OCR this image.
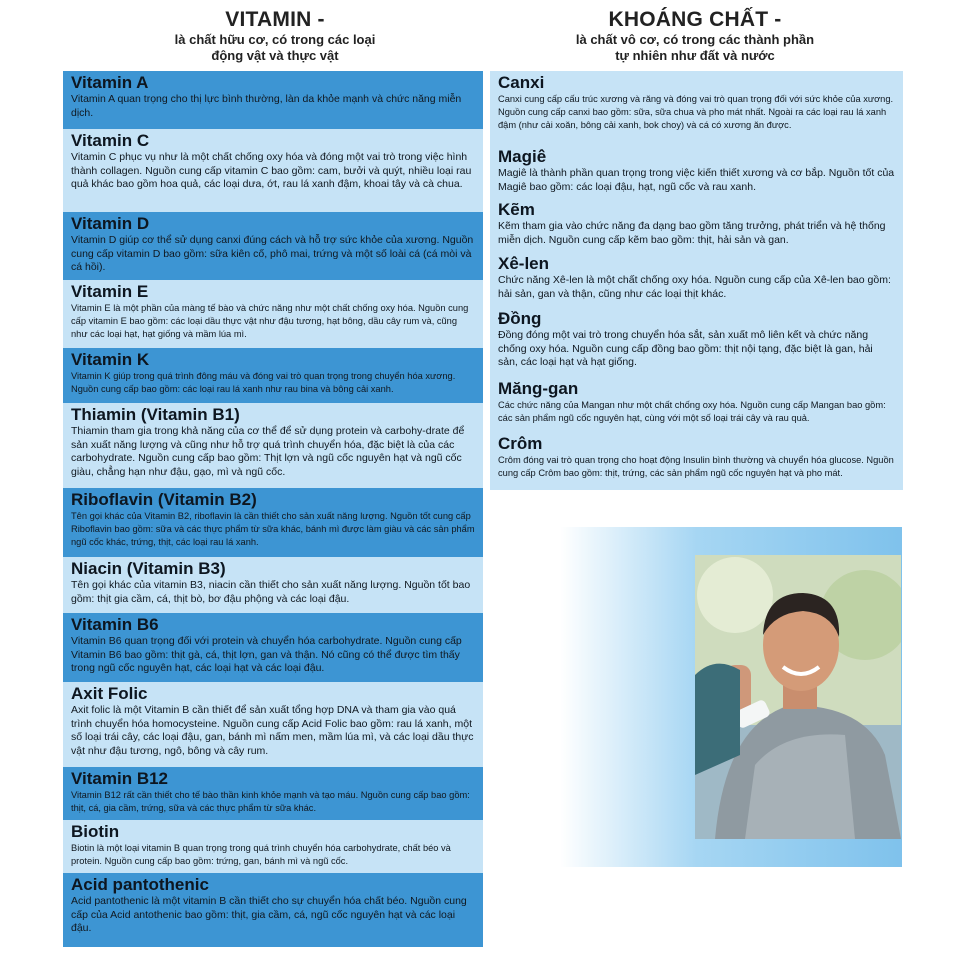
VITAMIN -
là chất hữu cơ, có trong các loại
động vật và thực vật
KHOÁNG CHẤT -
là chất vô cơ, có trong các thành phần
tự nhiên như đất và nước
Vitamin A
Vitamin A quan trọng cho thị lực bình thường, làn da khỏe mạnh và chức năng miễn dịch.
Vitamin C
Vitamin C phục vụ như là một chất chống oxy hóa và đóng một vai trò trong việc hình thành collagen. Nguồn cung cấp vitamin C bao gồm: cam, bưởi và quýt, nhiều loại rau quả khác bao gồm hoa quả, các loại dưa, ớt, rau lá xanh đậm, khoai tây và cà chua.
Vitamin D
Vitamin D giúp cơ thể sử dụng canxi đúng cách và hỗ trợ sức khỏe của xương. Nguồn cung cấp vitamin D bao gồm: sữa kiên cố, phô mai, trứng và một số loài cá (cá mòi và cá hồi).
Vitamin E
Vitamin E là một phần của màng tế bào và chức năng như một chất chống oxy hóa. Nguồn cung cấp vitamin E bao gồm: các loại dầu thực vật như đậu tương, hạt bông, dầu cây rum và, cũng như các loại hạt, hạt giống và mầm lúa mì.
Vitamin K
Vitamin K giúp trong quá trình đông máu và đóng vai trò quan trọng trong chuyển hóa xương. Nguồn cung cấp bao gồm: các loại rau lá xanh như rau bina và bông cải xanh.
Thiamin (Vitamin B1)
Thiamin tham gia trong khả năng của cơ thể để sử dụng protein và carbohy-drate để sản xuất năng lượng và cũng như hỗ trợ quá trình chuyển hóa, đặc biệt là của các carbohydrate. Nguồn cung cấp bao gồm: Thịt lợn và ngũ cốc nguyên hạt và ngũ cốc giàu, chẳng hạn như đậu, gạo, mì và ngũ cốc.
Riboflavin (Vitamin B2)
Tên gọi khác của Vitamin B2, riboflavin là cần thiết cho sản xuất năng lượng. Nguồn tốt cung cấp Riboflavin bao gồm: sữa và các thực phẩm từ sữa khác, bánh mì được làm giàu và các sản phẩm ngũ cốc khác, trứng, thịt, các loại rau lá xanh.
Niacin (Vitamin B3)
Tên gọi khác của vitamin B3, niacin cần thiết cho sản xuất năng lượng. Nguồn tốt bao gồm: thịt gia cầm, cá, thịt bò, bơ đậu phộng và các loại đậu.
Vitamin B6
Vitamin B6 quan trọng đối với protein và chuyển hóa carbohydrate. Nguồn cung cấp Vitamin B6 bao gồm: thịt gà, cá, thịt lợn, gan và thận. Nó cũng có thể được tìm thấy trong ngũ cốc nguyên hạt, các loại hạt và các loại đậu.
Axit Folic
Axit folic là một Vitamin B cần thiết để sản xuất tổng hợp DNA và tham gia vào quá trình chuyển hóa homocysteine. Nguồn cung cấp Acid Folic bao gồm: rau lá xanh, một số loại trái cây, các loại đậu, gan, bánh mì nấm men, mầm lúa mì, và các loại dầu thực vật như đậu tương, ngô, bông và cây rum.
Vitamin B12
Vitamin B12 rất cần thiết cho tế bào thần kinh khỏe mạnh và tạo máu. Nguồn cung cấp bao gồm: thịt, cá, gia cầm, trứng, sữa và các thực phẩm từ sữa khác.
Biotin
Biotin là một loại vitamin B quan trọng trong quá trình chuyển hóa carbohydrate, chất béo và protein. Nguồn cung cấp bao gồm: trứng, gan, bánh mì và ngũ cốc.
Acid pantothenic
Acid pantothenic là một vitamin B cần thiết cho sự chuyển hóa chất béo. Nguồn cung cấp của Acid antothenic bao gồm: thịt, gia cầm, cá, ngũ cốc nguyên hạt và các loại đậu.
Canxi
Canxi cung cấp cấu trúc xương và răng và đóng vai trò quan trọng đối với sức khỏe của xương. Nguồn cung cấp canxi bao gồm: sữa, sữa chua và pho mát nhất. Ngoài ra các loại rau lá xanh đậm (như cải xoăn, bông cải xanh, bok choy) và cá có xương ăn được.
Magiê
Magiê là thành phần quan trọng trong việc kiến thiết xương và cơ bắp. Nguồn tốt của Magiê bao gồm: các loại đậu, hạt, ngũ cốc và rau xanh.
Kẽm
Kẽm tham gia vào chức năng đa dạng bao gồm tăng trưởng, phát triển và hệ thống miễn dịch. Nguồn cung cấp kẽm bao gồm: thịt, hải sản và gan.
Xê-len
Chức năng Xê-len là một chất chống oxy hóa. Nguồn cung cấp của Xê-len bao gồm: hải sản, gan và thận, cũng như các loại thịt khác.
Đồng
Đồng đóng một vai trò trong chuyển hóa sắt, sản xuất mô liên kết và chức năng chống oxy hóa. Nguồn cung cấp đồng bao gồm: thịt nội tạng, đặc biệt là gan, hải sản, các loại hạt và hạt giống.
Măng-gan
Các chức năng của Mangan như một chất chống oxy hóa. Nguồn cung cấp Mangan bao gồm: các sản phẩm ngũ cốc nguyên hạt, cùng với một số loại trái cây và rau quả.
Crôm
Crôm đóng vai trò quan trọng cho hoạt động Insulin bình thường và chuyển hóa glucose. Nguồn cung cấp Crôm bao gồm: thịt, trứng, các sản phẩm ngũ cốc nguyên hạt và pho mát.
